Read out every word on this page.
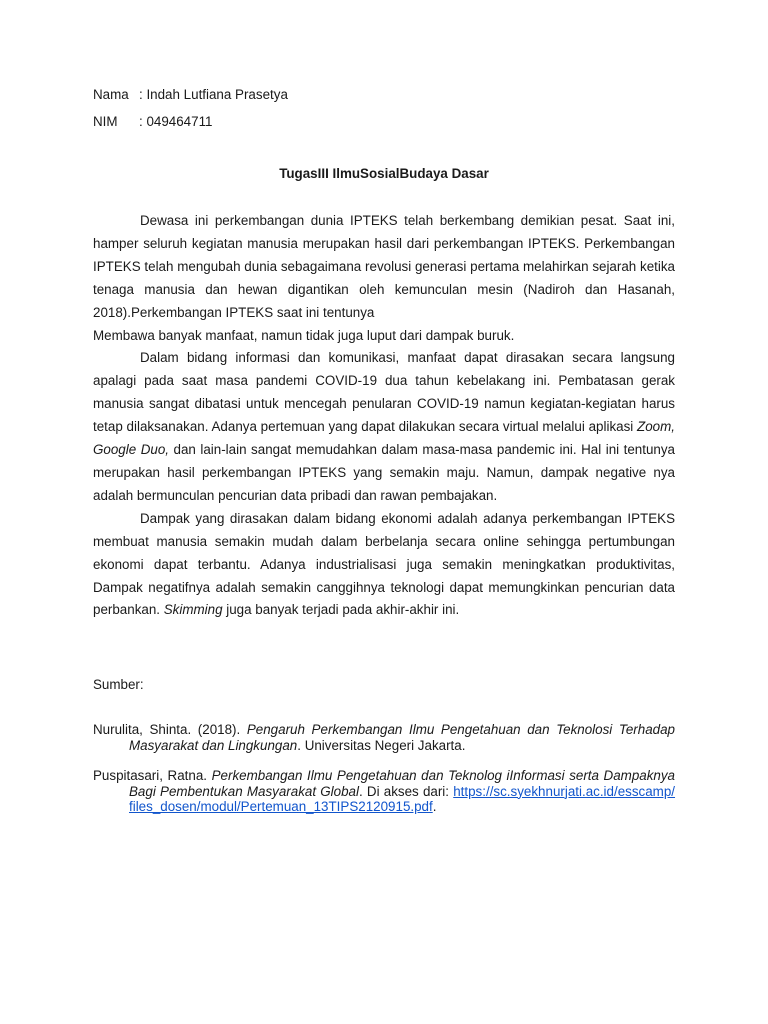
Nama : Indah Lutfiana Prasetya
NIM : 049464711
TugasIII IlmuSosialBudaya Dasar

Dewasa ini perkembangan dunia IPTEKS telah berkembang demikian pesat. Saat ini, hamper seluruh kegiatan manusia merupakan hasil dari perkembangan IPTEKS. Perkembangan IPTEKS telah mengubah dunia sebagaimana revolusi generasi pertama melahirkan sejarah ketika tenaga manusia dan hewan digantikan oleh kemunculan mesin (Nadiroh dan Hasanah, 2018).Perkembangan IPTEKS saat ini tentunya

Membawa banyak manfaat, namun tidak juga luput dari dampak buruk.

Dalam bidang informasi dan komunikasi, manfaat dapat dirasakan secara langsung apalagi pada saat masa pandemi COVID-19 dua tahun kebelakang ini. Pembatasan gerak manusia sangat dibatasi untuk mencegah penularan COVID-19 namun kegiatan-kegiatan harus tetap dilaksanakan. Adanya pertemuan yang dapat dilakukan secara virtual melalui aplikasi Zoom, Google Duo, dan lain-lain sangat memudahkan dalam masa-masa pandemic ini. Hal ini tentunya merupakan hasil perkembangan IPTEKS yang semakin maju. Namun, dampak negative nya adalah bermunculan pencurian data pribadi dan rawan pembajakan.

Dampak yang dirasakan dalam bidang ekonomi adalah adanya perkembangan IPTEKS membuat manusia semakin mudah dalam berbelanja secara online sehingga pertumbungan ekonomi dapat terbantu. Adanya industrialisasi juga semakin meningkatkan produktivitas, Dampak negatifnya adalah semakin canggihnya teknologi dapat memungkinkan pencurian data perbankan. Skimming juga banyak terjadi pada akhir-akhir ini.

Sumber:
Nurulita, Shinta. (2018). Pengaruh Perkembangan Ilmu Pengetahuan dan Teknolosi Terhadap Masyarakat dan Lingkungan. Universitas Negeri Jakarta.
Puspitasari, Ratna. Perkembangan Ilmu Pengetahuan dan Teknolog iInformasi serta Dampaknya Bagi Pembentukan Masyarakat Global. Di akses dari: https://sc.syekhnurjati.ac.id/esscamp/files_dosen/modul/Pertemuan_13TIPS2120915.pdf.
